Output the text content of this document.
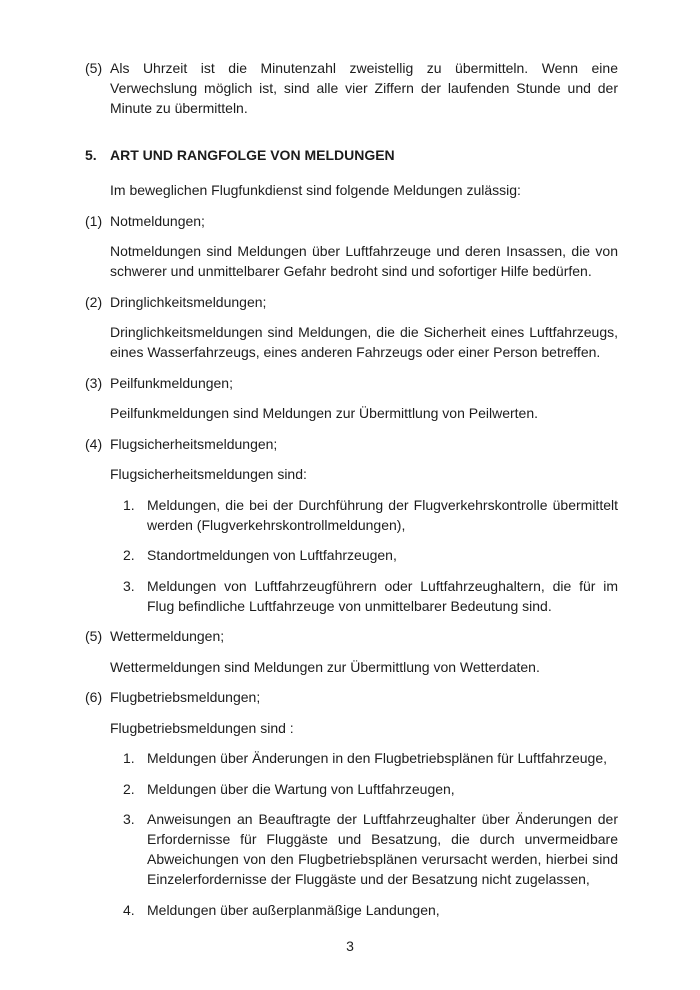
(5) Als Uhrzeit ist die Minutenzahl zweistellig zu übermitteln. Wenn eine Verwechslung möglich ist, sind alle vier Ziffern der laufenden Stunde und der Minute zu übermitteln.
5. ART UND RANGFOLGE VON MELDUNGEN
Im beweglichen Flugfunkdienst sind folgende Meldungen zulässig:
(1) Notmeldungen;
Notmeldungen sind Meldungen über Luftfahrzeuge und deren Insassen, die von schwerer und unmittelbarer Gefahr bedroht sind und sofortiger Hilfe bedürfen.
(2) Dringlichkeitsmeldungen;
Dringlichkeitsmeldungen sind Meldungen, die die Sicherheit eines Luftfahrzeugs, eines Wasserfahrzeugs, eines anderen Fahrzeugs oder einer Person betreffen.
(3) Peilfunkmeldungen;
Peilfunkmeldungen sind Meldungen zur Übermittlung von Peilwerten.
(4) Flugsicherheitsmeldungen;
Flugsicherheitsmeldungen sind:
1. Meldungen, die bei der Durchführung der Flugverkehrskontrolle übermittelt werden (Flugverkehrskontrollmeldungen),
2. Standortmeldungen von Luftfahrzeugen,
3. Meldungen von Luftfahrzeugführern oder Luftfahrzeughaltern, die für im Flug befindliche Luftfahrzeuge von unmittelbarer Bedeutung sind.
(5) Wettermeldungen;
Wettermeldungen sind Meldungen zur Übermittlung von Wetterdaten.
(6) Flugbetriebsmeldungen;
Flugbetriebsmeldungen sind :
1. Meldungen über Änderungen in den Flugbetriebsplänen für Luftfahrzeuge,
2. Meldungen über die Wartung von Luftfahrzeugen,
3. Anweisungen an Beauftragte der Luftfahrzeughalter über Änderungen der Erfordernisse für Fluggäste und Besatzung, die durch unvermeidbare Abweichungen von den Flugbetriebsplänen verursacht werden, hierbei sind Einzelerfordernisse der Fluggäste und der Besatzung nicht zugelassen,
4. Meldungen über außerplanmäßige Landungen,
3
